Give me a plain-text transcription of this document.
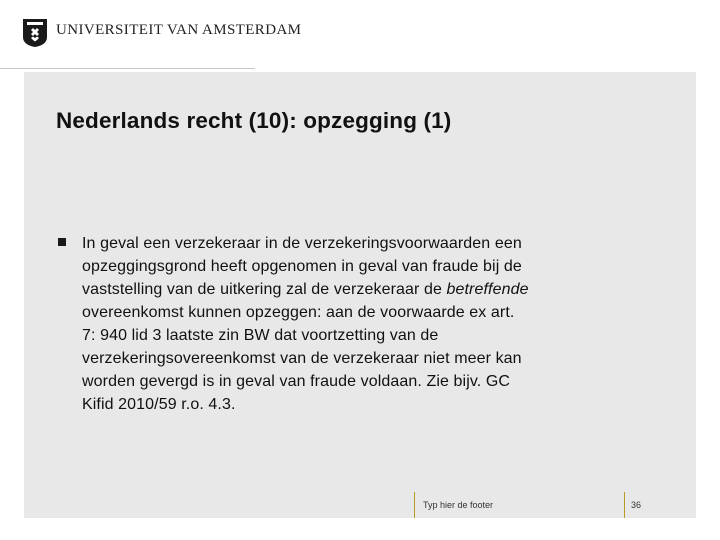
UNIVERSITEIT VAN AMSTERDAM
Nederlands recht (10): opzegging (1)
In geval een verzekeraar in de verzekeringsvoorwaarden een
opzeggingsgrond heeft opgenomen in geval van fraude bij de
vaststelling van de uitkering zal de verzekeraar de betreffende
overeenkomst kunnen opzeggen: aan de voorwaarde ex art.
7: 940 lid 3 laatste zin BW dat voortzetting van de
verzekeringsovereenkomst van de verzekeraar niet meer kan
worden gevergd is in geval van fraude voldaan. Zie bijv. GC
Kifid 2010/59 r.o. 4.3.
Typ hier de footer	36
